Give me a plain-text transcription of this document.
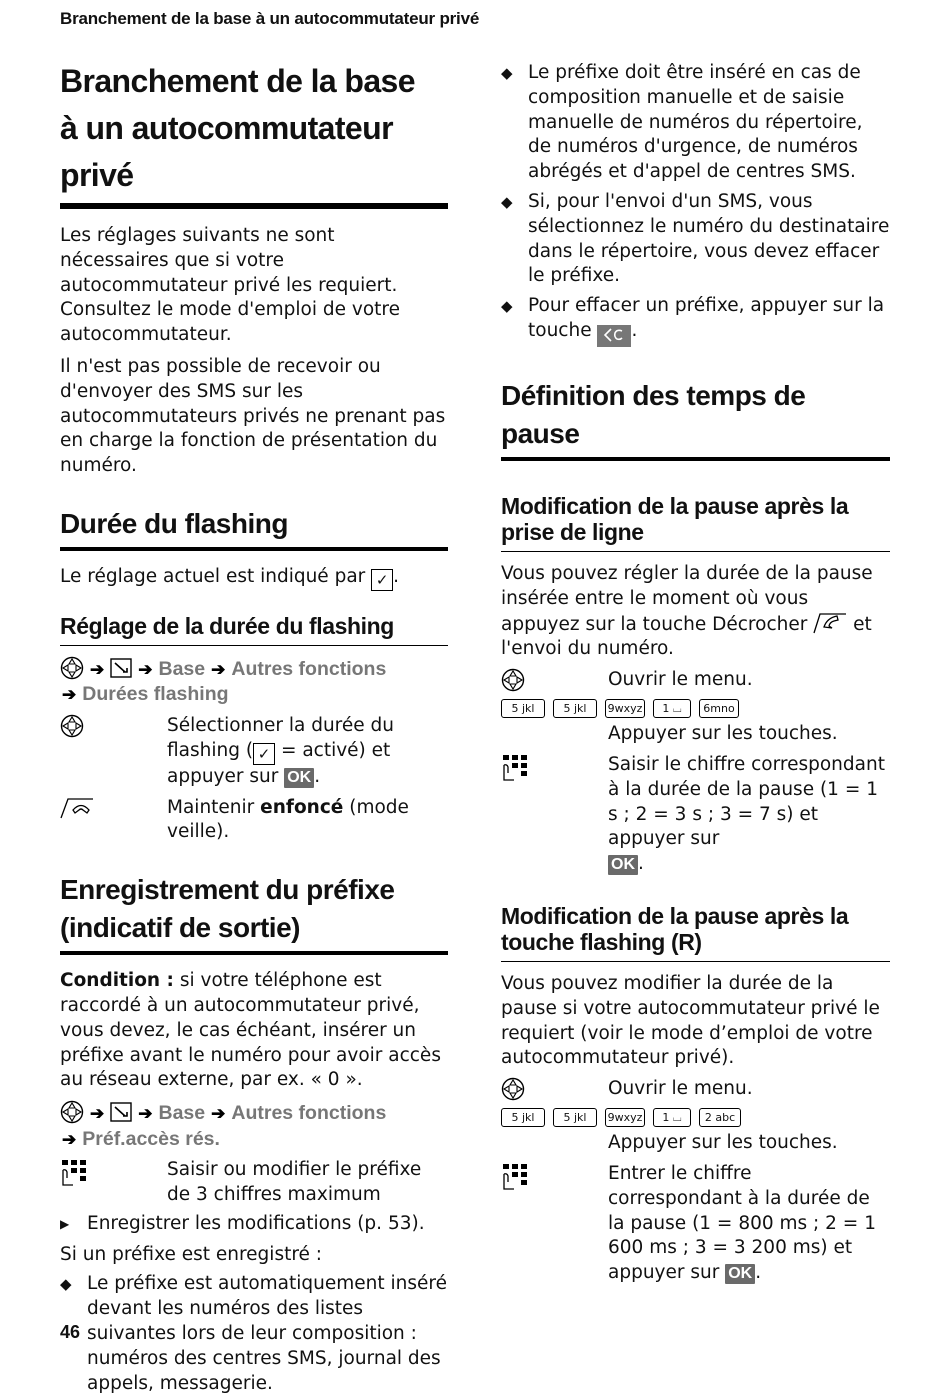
Branchement de la base à un autocommutateur privé
Branchement de la base
à un autocommutateur privé

Les réglages suivants ne sont nécessaires que si votre autocommutateur privé les requiert. Consultez le mode d'emploi de votre autocommutateur.

Il n'est pas possible de recevoir ou d'envoyer des SMS sur les autocommutateurs privés ne prenant pas en charge la fonction de présentation du numéro.

Durée du flashing

Le réglage actuel est indiqué par ✓ .

Réglage de la durée du flashing
➔ ➔ Base ➔ Autres fonctions
➔ Durées flashing

Sélectionner la durée du flashing ( ✓ = activé) et appuyer sur OK .

Maintenir enfoncé (mode veille).

Enregistrement du préfixe
(indicatif de sortie)

Condition : si votre téléphone est raccordé à un autocommutateur privé, vous devez, le cas échéant, insérer un préfixe avant le numéro pour avoir accès au réseau externe, par ex. « 0 ».

➔ ➔ Base ➔ Autres fonctions
➔ Préf.accès rés.

Saisir ou modifier le préfixe de 3 chiffres maximum

▶ Enregistrer les modifications (p. 53).

Si un préfixe est enregistré :

◆ Le préfixe est automatiquement inséré devant les numéros des listes suivantes lors de leur composition : numéros des centres SMS, journal des appels, messagerie.

◆ Le préfixe doit être inséré en cas de composition manuelle et de saisie manuelle de numéros du répertoire, de numéros d'urgence, de numéros abrégés et d'appel de centres SMS.

◆ Si, pour l'envoi d'un SMS, vous sélectionnez le numéro du destinataire dans le répertoire, vous devez effacer le préfixe.

◆ Pour effacer un préfixe, appuyer sur la touche .

Définition des temps de pause
Modification de la pause après la prise de ligne

Vous pouvez régler la durée de la pause insérée entre le moment où vous appuyez sur la touche Décrocher et l'envoi du numéro.

Ouvrir le menu.

5 jkl	5 jkl 9wxyz 1 ⌴ 6mno

Appuyer sur les touches.

Saisir le chiffre correspondant à la durée de la pause (1 = 1 s ; 2 = 3 s ; 3 = 7 s) et appuyer sur
OK .

Modification de la pause après la touche flashing (R)

Vous pouvez modifier la durée de la pause si votre autocommutateur privé le requiert (voir le mode d’emploi de votre autocommutateur privé).

Ouvrir le menu.

5 jkl	5 jkl 9wxyz 1 ⌴ 2 abc

Appuyer sur les touches.

Entrer le chiffre correspondant à la durée de la pause (1 = 800 ms ; 2 = 1 600 ms ; 3 = 3 200 ms) et appuyer sur OK .

46
